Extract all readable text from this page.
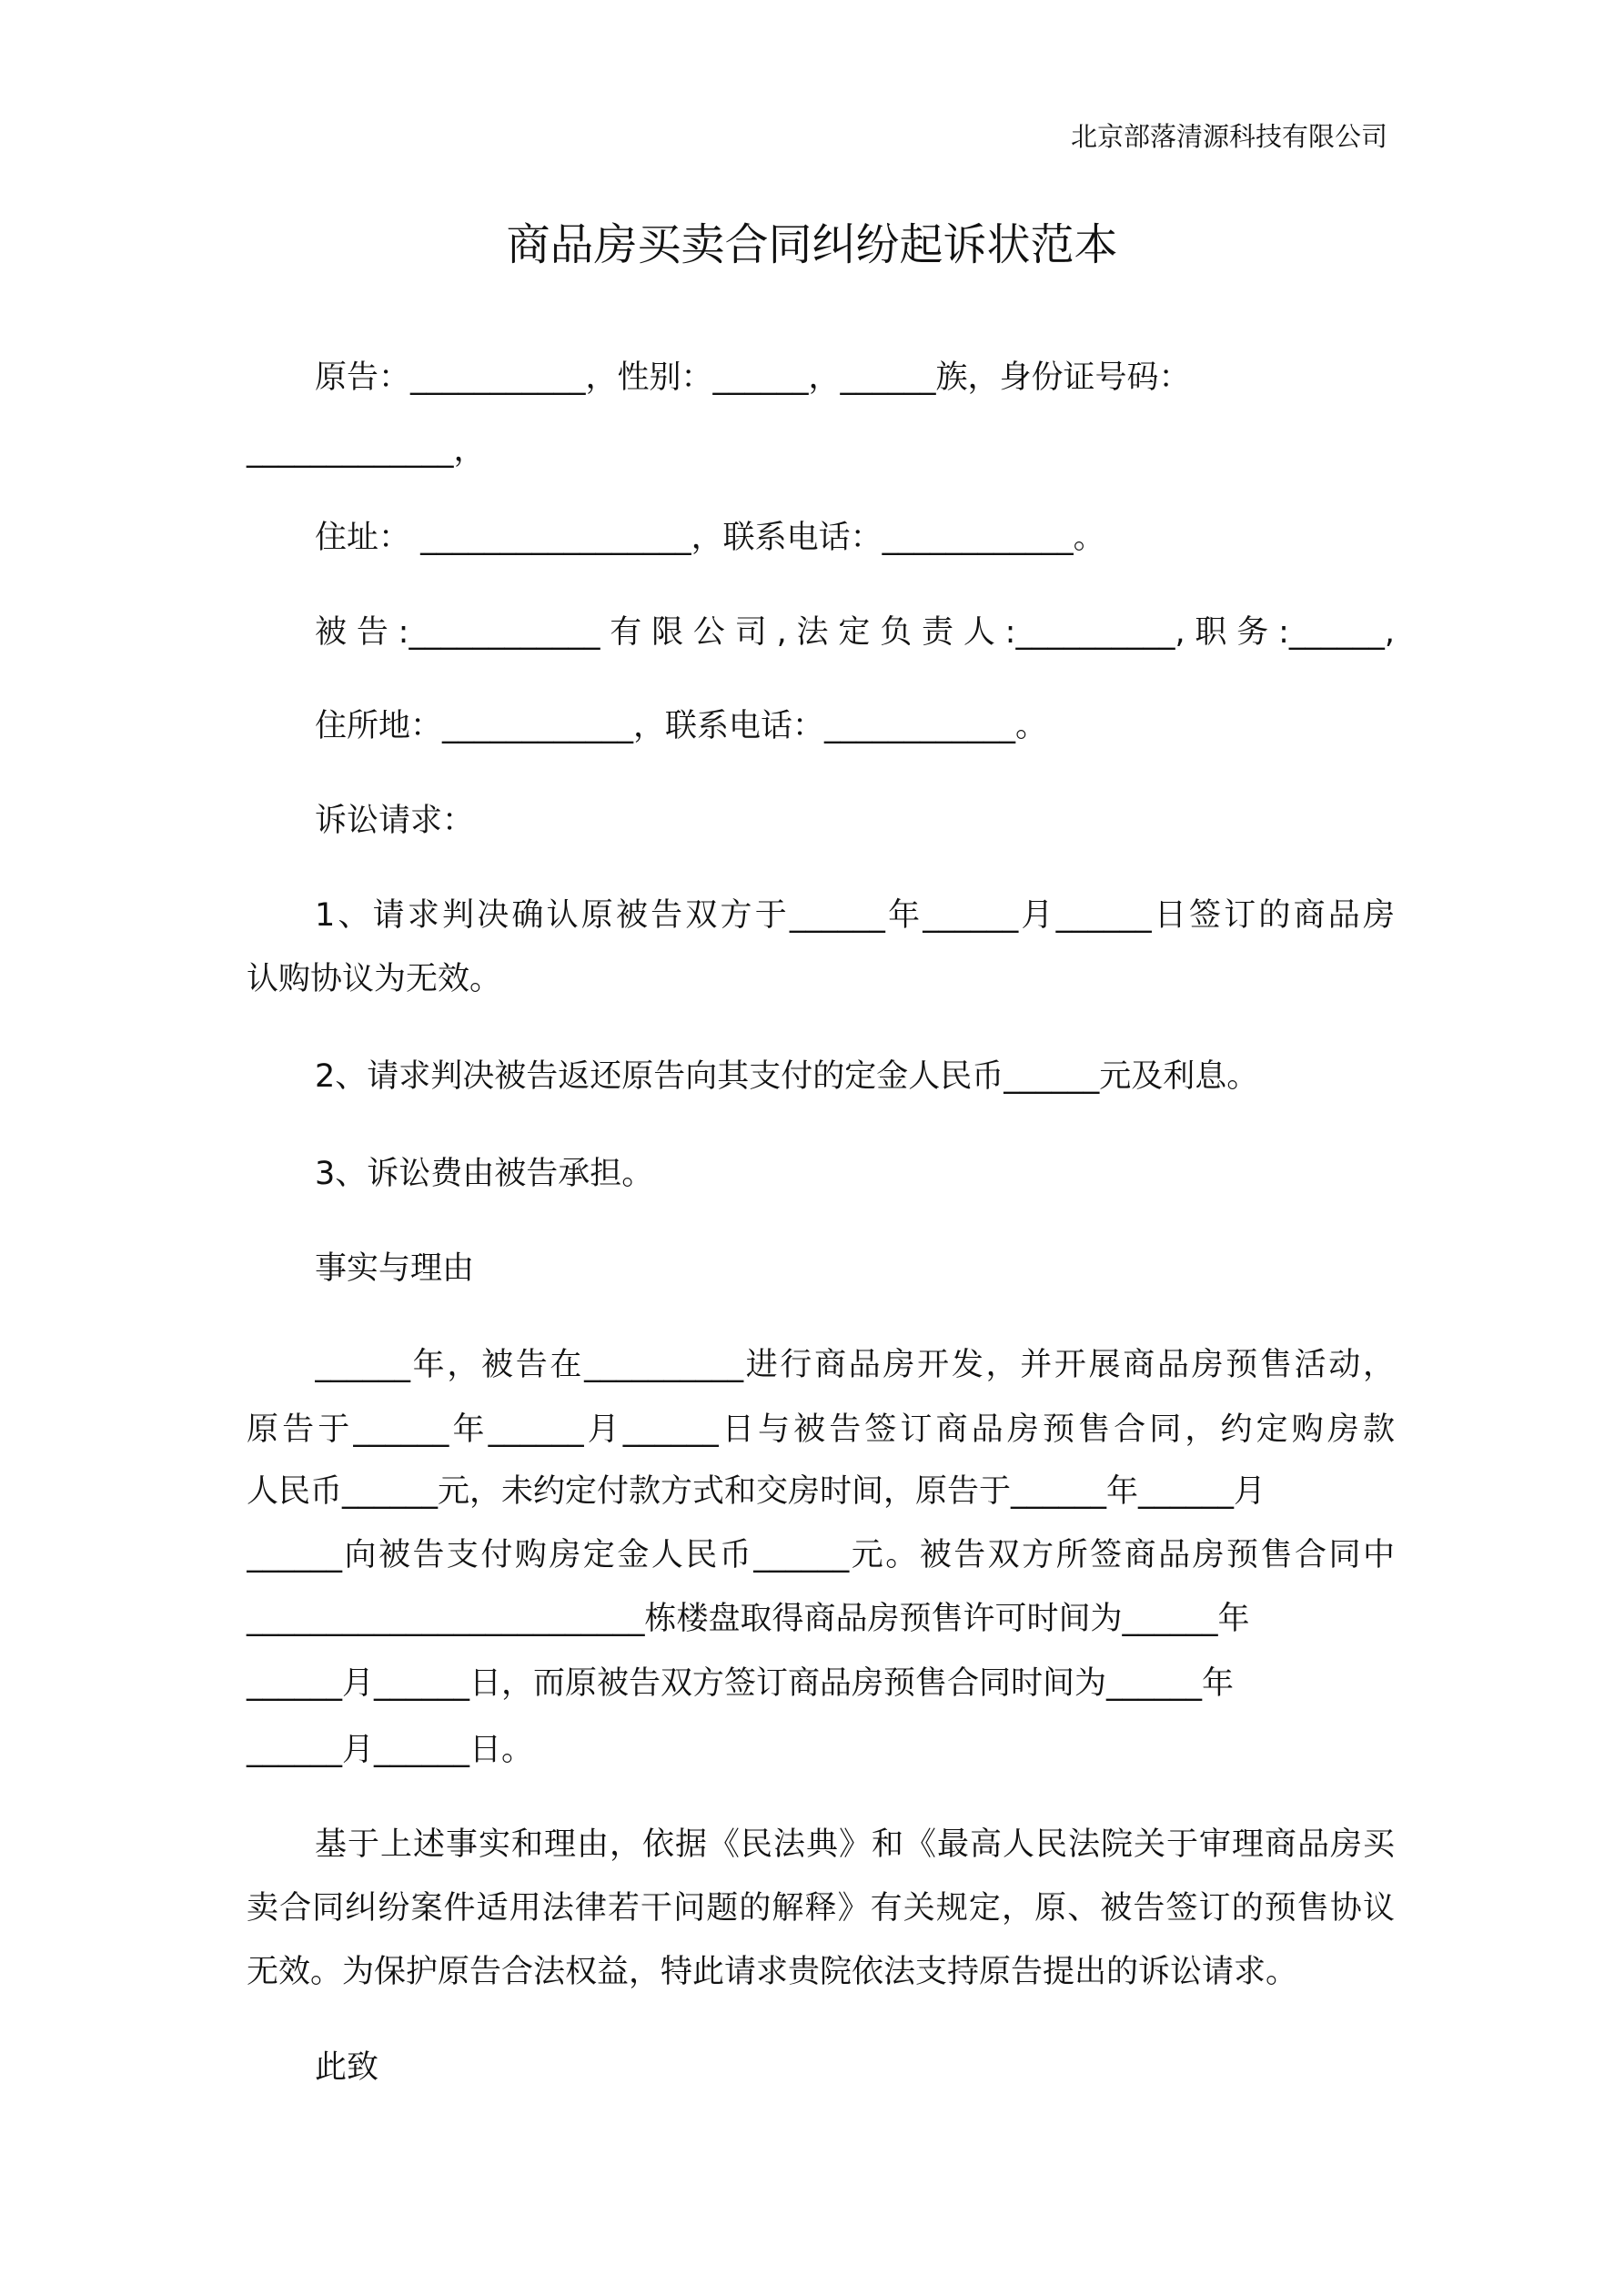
北京部落清源科技有限公司
商品房买卖合同纠纷起诉状范本
原告：___________，性别：______，______族，身份证号码：
_____________，
住址： _________________，联系电话：____________。
被告:____________有限公司,法定负责人:__________,职务:______,
住所地：____________，联系电话：____________。
诉讼请求：
1、请求判决确认原被告双方于______年______月______日签订的商品房
认购协议为无效。
2、请求判决被告返还原告向其支付的定金人民币______元及利息。
3、诉讼费由被告承担。
事实与理由
______年，被告在__________进行商品房开发，并开展商品房预售活动，
原告于______年______月______日与被告签订商品房预售合同，约定购房款
人民币______元，未约定付款方式和交房时间，原告于______年______月
______向被告支付购房定金人民币______元。被告双方所签商品房预售合同中
_________________________栋楼盘取得商品房预售许可时间为______年
______月______日，而原被告双方签订商品房预售合同时间为______年
______月______日。
基于上述事实和理由，依据《民法典》和《最高人民法院关于审理商品房买
卖合同纠纷案件适用法律若干问题的解释》有关规定，原、被告签订的预售协议
无效。为保护原告合法权益，特此请求贵院依法支持原告提出的诉讼请求。
此致
